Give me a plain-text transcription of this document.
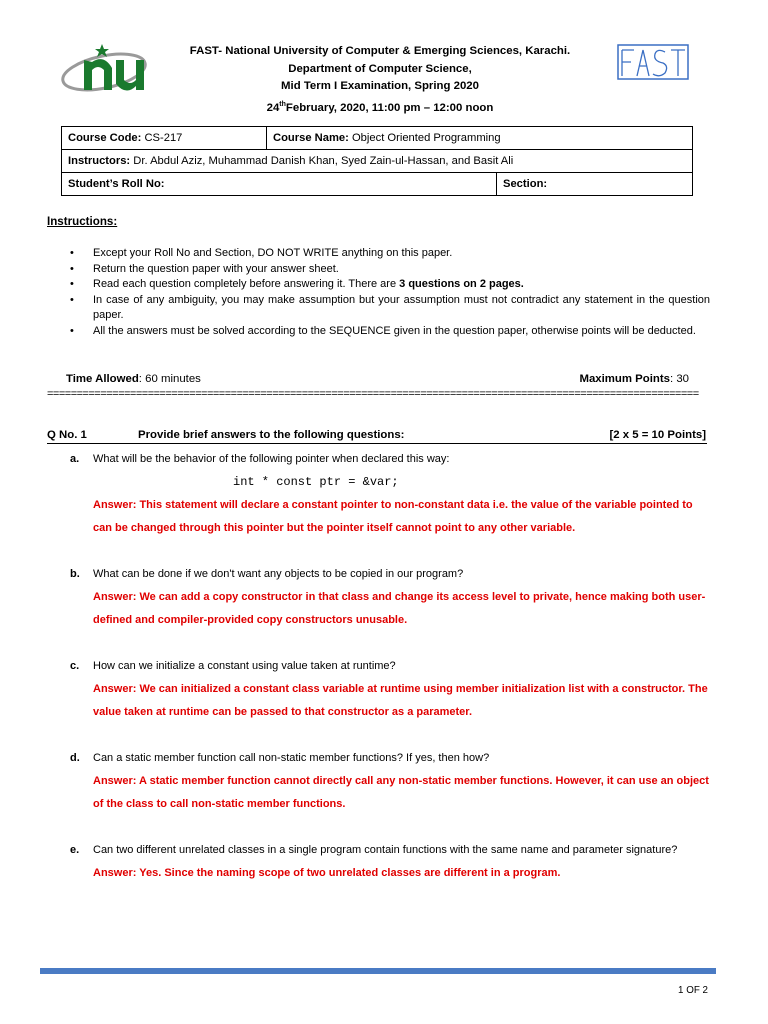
FAST- National University of Computer & Emerging Sciences, Karachi.
Department of Computer Science,
Mid Term I Examination, Spring 2020
24thFebruary, 2020, 11:00 pm – 12:00 noon
Course Code: CS-217	Course Name: Object Oriented Programming	
Instructors: Dr. Abdul Aziz, Muhammad Danish Khan, Syed Zain-ul-Hassan, and Basit Ali		
Student’s Roll No:		Section:
Instructions:
• Except your Roll No and Section, DO NOT WRITE anything on this paper.
• Return the question paper with your answer sheet.
• Read each question completely before answering it. There are 3 questions on 2 pages.
• In case of any ambiguity, you may make assumption but your assumption must not contradict any statement in the question paper.
• All the answers must be solved according to the SEQUENCE given in the question paper, otherwise points will be deducted.
Time Allowed: 60 minutes	Maximum Points: 30
==============================================================================================================
Q No. 1	Provide brief answers to the following questions:	[2 x 5 = 10 Points]
a. What will be the behavior of the following pointer when declared this way:
int * const ptr = &var;
Answer: This statement will declare a constant pointer to non-constant data i.e. the value of the variable pointed to can be changed through this pointer but the pointer itself cannot point to any other variable.
b. What can be done if we don't want any objects to be copied in our program?
Answer: We can add a copy constructor in that class and change its access level to private, hence making both user-defined and compiler-provided copy constructors unusable.
c. How can we initialize a constant using value taken at runtime?
Answer: We can initialized a constant class variable at runtime using member initialization list with a constructor. The value taken at runtime can be passed to that constructor as a parameter.
d. Can a static member function call non-static member functions? If yes, then how?
Answer: A static member function cannot directly call any non-static member functions. However, it can use an object of the class to call non-static member functions.
e. Can two different unrelated classes in a single program contain functions with the same name and parameter signature?
Answer: Yes. Since the naming scope of two unrelated classes are different in a program.
1 OF 2
